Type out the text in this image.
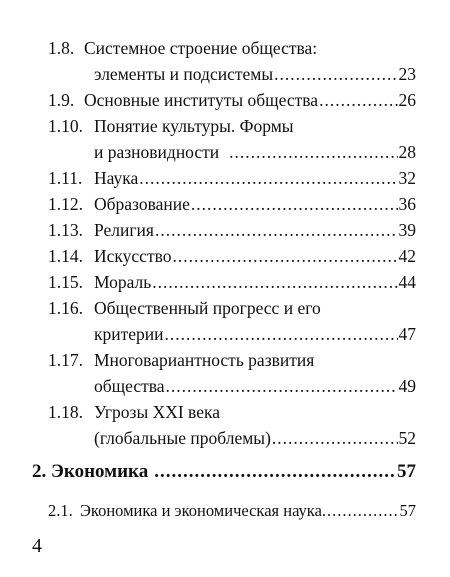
1.8. Системное строение общества:
элементы и подсистемы .....	23
1.9. Основные институты общества .....	26
1.10. Понятие культуры. Формы
и разновидности .....	28
1.11. Наука .....	32
1.12. Образование .....	36
1.13. Религия .....	39
1.14. Искусство .....	42
1.15. Мораль .....	44
1.16. Общественный прогресс и его
критерии .....	47
1.17. Многовариантность развития
общества .....	49
1.18. Угрозы XXI века
(глобальные проблемы) .....	52
2. Экономика .....	57
2.1. Экономика и экономическая наука .....	57
4
